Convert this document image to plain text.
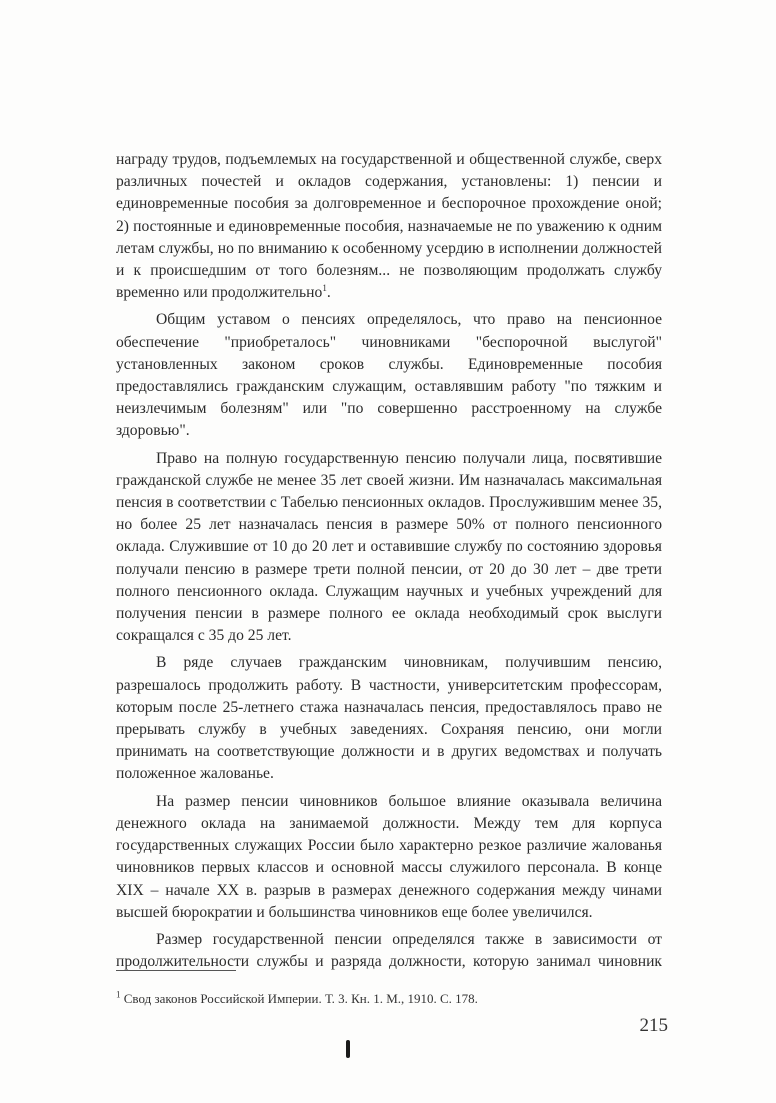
награду трудов, подъемлемых на государственной и общественной службе, сверх различных почестей и окладов содержания, установлены: 1) пенсии и единовременные пособия за долговременное и беспорочное прохождение оной; 2) постоянные и единовременные пособия, назначаемые не по уважению к одним летам службы, но по вниманию к особенному усердию в исполнении должностей и к происшедшим от того болезням... не позволяющим продолжать службу временно или продолжительно$^1$.

Общим уставом о пенсиях определялось, что право на пенсионное обеспечение "приобреталось" чиновниками "беспорочной выслугой" установленных законом сроков службы. Единовременные пособия предоставлялись гражданским служащим, оставлявшим работу "по тяжким и неизлечимым болезням" или "по совершенно расстроенному на службе здоровью".

Право на полную государственную пенсию получали лица, посвятившие гражданской службе не менее 35 лет своей жизни. Им назначалась максимальная пенсия в соответствии с Табелью пенсионных окладов. Прослужившим менее 35, но более 25 лет назначалась пенсия в размере 50% от полного пенсионного оклада. Служившие от 10 до 20 лет и оставившие службу по состоянию здоровья получали пенсию в размере трети полной пенсии, от 20 до 30 лет – две трети полного пенсионного оклада. Служащим научных и учебных учреждений для получения пенсии в размере полного ее оклада необходимый срок выслуги сокращался с 35 до 25 лет.

В ряде случаев гражданским чиновникам, получившим пенсию, разрешалось продолжить работу. В частности, университетским профессорам, которым после 25-летнего стажа назначалась пенсия, предоставлялось право не прерывать службу в учебных заведениях. Сохраняя пенсию, они могли принимать на соответствующие должности и в других ведомствах и получать положенное жалованье.

На размер пенсии чиновников большое влияние оказывала величина денежного оклада на занимаемой должности. Между тем для корпуса государственных служащих России было характерно резкое различие жалованья чиновников первых классов и основной массы служилого персонала. В конце XIX – начале XX в. разрыв в размерах денежного содержания между чинами высшей бюрократии и большинства чиновников еще более увеличился.

Размер государственной пенсии определялся также в зависимости от продолжительности службы и разряда должности, которую занимал чиновник

$^1$ Свод законов Российской Империи. Т. 3. Кн. 1. М., 1910. С. 178.
215
